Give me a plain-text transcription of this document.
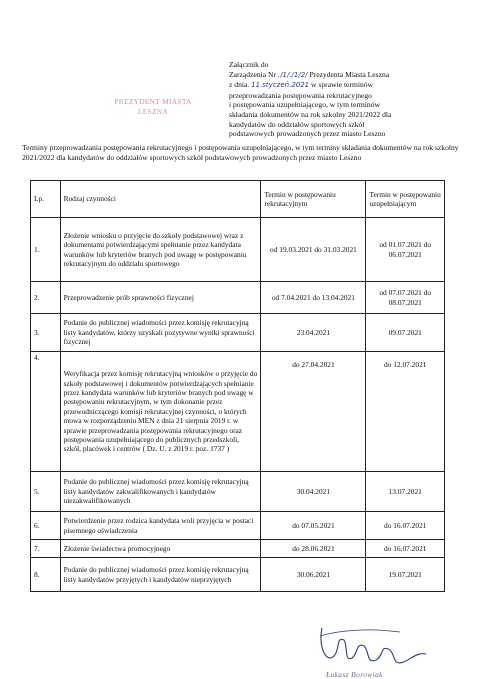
Załącznik do
Zarządzenia Nr ./1/./1/2/ Prezydenta Miasta Leszna
z dnia. 11.styczeń.2021 w sprawie terminów
przeprowadzania postępowania rekrutacyjnego
i postępowania uzupełniającego, w tym terminów
składania dokumentów na rok szkolny 2021/2022 dla
kandydatów do oddziałów sportowych szkół
podstawowych prowadzonych przez miasto Leszno
PREZYDENT MIASTA
LESZNA
Terminy przeprowadzania postępowania rekrutacyjnego i postępowania uzupełniającego, w tym terminy składania dokumentów na rok szkolny 2021/2022 dla kandydatów do oddziałów sportowych szkół podstawowych prowadzonych przez miasto Leszno
Lp.	Rodzaj czynności	Termin w postępowaniu rekrutacyjnym	Termin w postępowaniu uzupełniającym
1.	Złożenie wniosku o przyjęcie do szkoły podstawowej wraz z dokumentami potwierdzającymi spełnianie przez kandydata warunków lub kryteriów branych pod uwagę w postępowaniu rekrutacyjnym do oddziału sportowego	od 19.03.2021 do 31.03.2021	od 01.07.2021 do 06.07.2021
2.	Przeprowadzenie prób sprawności fizycznej	od 7.04.2021 do 13.04.2021	od 07.07.2021 do 08.07.2021
3.	Podanie do publicznej wiadomości przez komisję rekrutacyjną listy kandydatów, którzy uzyskali pozytywne wyniki sprawności fizycznej	23.04.2021	09.07.2021
4.	Weryfikacja przez komisję rekrutacyjną wniosków o przyjęcie do szkoły podstawowej i dokumentów potwierdzających spełnianie przez kandydata warunków lub kryteriów branych pod uwagę w postępowaniu rekrutacyjnym, w tym dokonanie przez przewodniczącego komisji rekrutacyjnej czynności, o których mowa w rozporządzeniu MEN z dnia 21 sierpnia 2019 r. w sprawie przeprowadzania postępowania rekrutacyjnego oraz postępowania uzupełniającego do publicznych przedszkoli, szkół, placówek i centrów ( Dz. U. z 2019 r. poz. 1737 )	do 27.04.2021	do 12.07.2021
5.	Podanie do publicznej wiadomości przez komisję rekrutacyjną listy kandydatów zakwalifikowanych i kandydatów niezakwalifikowanych	30.04.2021	13.07.2021
6.	Potwierdzenie przez rodzica kandydata woli przyjęcia w postaci pisemnego oświadczenia	do 07.05.2021	do 16.07.2021
7.	Złożenie świadectwa promocyjnego	do 28.06.2021	do 16.07.2021
8.	Podanie do publicznej wiadomości przez komisję rekrutacyjną listy kandydatów przyjętych i kandydatów nieprzyjętych	30.06.2021	19.07.2021
Łukasz Borowiak
